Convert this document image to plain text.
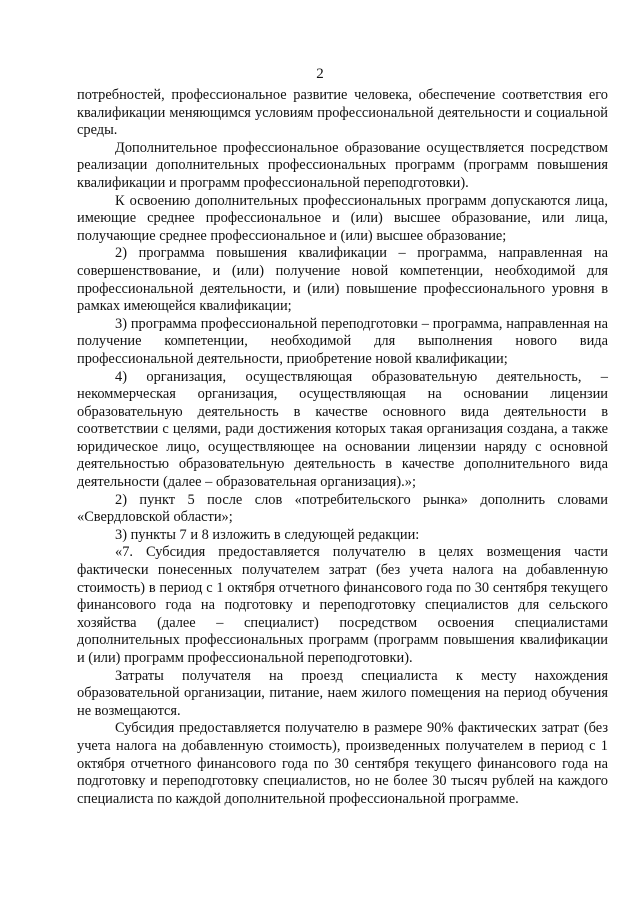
2

потребностей, профессиональное развитие человека, обеспечение соответствия его квалификации меняющимся условиям профессиональной деятельности и социальной среды.

Дополнительное профессиональное образование осуществляется посредством реализации дополнительных профессиональных программ (программ повышения квалификации и программ профессиональной переподготовки).

К освоению дополнительных профессиональных программ допускаются лица, имеющие среднее профессиональное и (или) высшее образование, или лица, получающие среднее профессиональное и (или) высшее образование;

2) программа повышения квалификации – программа, направленная на совершенствование, и (или) получение новой компетенции, необходимой для профессиональной деятельности, и (или) повышение профессионального уровня в рамках имеющейся квалификации;

3) программа профессиональной переподготовки – программа, направленная на получение компетенции, необходимой для выполнения нового вида профессиональной деятельности, приобретение новой квалификации;

4) организация, осуществляющая образовательную деятельность, – некоммерческая организация, осуществляющая на основании лицензии образовательную деятельность в качестве основного вида деятельности в соответствии с целями, ради достижения которых такая организация создана, а также юридическое лицо, осуществляющее на основании лицензии наряду с основной деятельностью образовательную деятельность в качестве дополнительного вида деятельности (далее – образовательная организация).»;

2) пункт 5 после слов «потребительского рынка» дополнить словами «Свердловской области»;

3) пункты 7 и 8 изложить в следующей редакции:

«7. Субсидия предоставляется получателю в целях возмещения части фактически понесенных получателем затрат (без учета налога на добавленную стоимость) в период с 1 октября отчетного финансового года по 30 сентября текущего финансового года на подготовку и переподготовку специалистов для сельского хозяйства (далее – специалист) посредством освоения специалистами дополнительных профессиональных программ (программ повышения квалификации и (или) программ профессиональной переподготовки).

Затраты получателя на проезд специалиста к месту нахождения образовательной организации, питание, наем жилого помещения на период обучения не возмещаются.

Субсидия предоставляется получателю в размере 90% фактических затрат (без учета налога на добавленную стоимость), произведенных получателем в период с 1 октября отчетного финансового года по 30 сентября текущего финансового года на подготовку и переподготовку специалистов, но не более 30 тысяч рублей на каждого специалиста по каждой дополнительной профессиональной программе.
